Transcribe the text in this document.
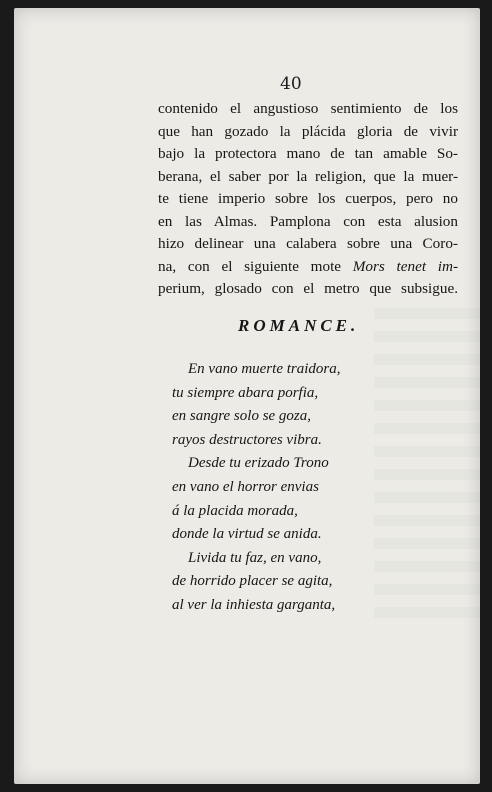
40
contenido el angustioso sentimiento de los
que han gozado la plácida gloria de vivir
bajo la protectora mano de tan amable So-
berana, el saber por la religion, que la muer-
te tiene imperio sobre los cuerpos, pero no
en las Almas. Pamplona con esta alusion
hizo delinear una calabera sobre una Coro-
na, con el siguiente mote Mors tenet im-
perium, glosado con el metro que subsigue.
ROMANCE.
En vano muerte traidora,
tu siempre abara porfia,
en sangre solo se goza,
rayos destructores vibra.
Desde tu erizado Trono
en vano el horror envias
á la placida morada,
donde la virtud se anida.
Livida tu faz, en vano,
de horrido placer se agita,
al ver la inhiesta garganta,
